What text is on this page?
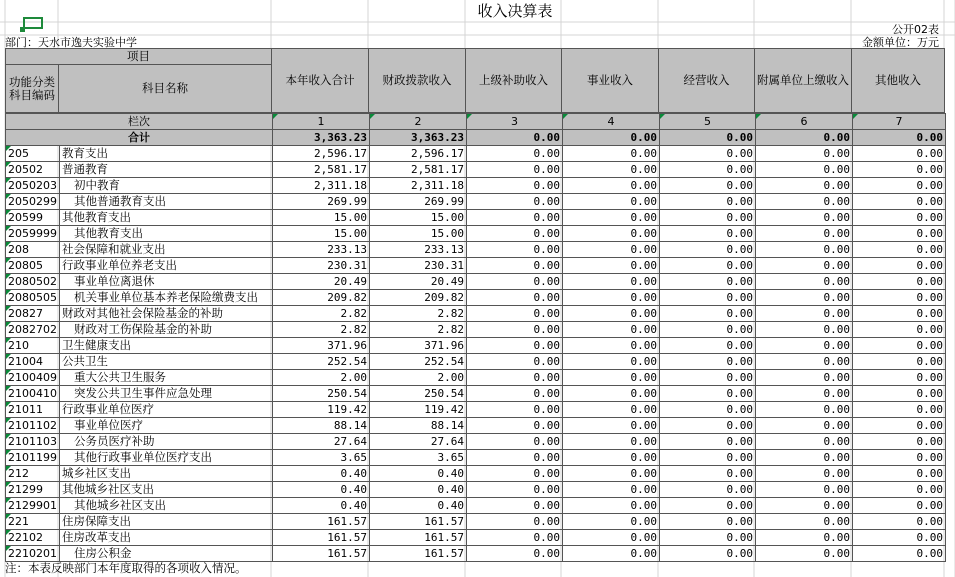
收入决算表
公开02表
部门：天水市逸夫实验中学	金额单位：万元
项目		本年收入合计	财政拨款收入	上级补助收入	事业收入	经营收入	附属单位上缴收入	其他收入
功能分类科目编码	科目名称							
栏次		1	2	3	4	5	6	7
合计		3,363.23	3,363.23	0.00	0.00	0.00	0.00	0.00

205	教育支出	2,596.17	2,596.17	0.00	0.00	0.00	0.00	0.00

20502	普通教育	2,581.17	2,581.17	0.00	0.00	0.00	0.00	0.00

2050203	初中教育	2,311.18	2,311.18	0.00	0.00	0.00	0.00	0.00

2050299	其他普通教育支出	269.99	269.99	0.00	0.00	0.00	0.00	0.00

20599	其他教育支出	15.00	15.00	0.00	0.00	0.00	0.00	0.00

2059999	其他教育支出	15.00	15.00	0.00	0.00	0.00	0.00	0.00

208	社会保障和就业支出	233.13	233.13	0.00	0.00	0.00	0.00	0.00

20805	行政事业单位养老支出	230.31	230.31	0.00	0.00	0.00	0.00	0.00

2080502	事业单位离退休	20.49	20.49	0.00	0.00	0.00	0.00	0.00

2080505	机关事业单位基本养老保险缴费支出	209.82	209.82	0.00	0.00	0.00	0.00	0.00

20827	财政对其他社会保险基金的补助	2.82	2.82	0.00	0.00	0.00	0.00	0.00

2082702	财政对工伤保险基金的补助	2.82	2.82	0.00	0.00	0.00	0.00	0.00

210	卫生健康支出	371.96	371.96	0.00	0.00	0.00	0.00	0.00

21004	公共卫生	252.54	252.54	0.00	0.00	0.00	0.00	0.00

2100409	重大公共卫生服务	2.00	2.00	0.00	0.00	0.00	0.00	0.00

2100410	突发公共卫生事件应急处理	250.54	250.54	0.00	0.00	0.00	0.00	0.00

21011	行政事业单位医疗	119.42	119.42	0.00	0.00	0.00	0.00	0.00

2101102	事业单位医疗	88.14	88.14	0.00	0.00	0.00	0.00	0.00

2101103	公务员医疗补助	27.64	27.64	0.00	0.00	0.00	0.00	0.00

2101199	其他行政事业单位医疗支出	3.65	3.65	0.00	0.00	0.00	0.00	0.00

212	城乡社区支出	0.40	0.40	0.00	0.00	0.00	0.00	0.00

21299	其他城乡社区支出	0.40	0.40	0.00	0.00	0.00	0.00	0.00

2129901	其他城乡社区支出	0.40	0.40	0.00	0.00	0.00	0.00	0.00

221	住房保障支出	161.57	161.57	0.00	0.00	0.00	0.00	0.00

22102	住房改革支出	161.57	161.57	0.00	0.00	0.00	0.00	0.00

2210201	住房公积金	161.57	161.57	0.00	0.00	0.00	0.00	0.00
注：本表反映部门本年度取得的各项收入情况。
